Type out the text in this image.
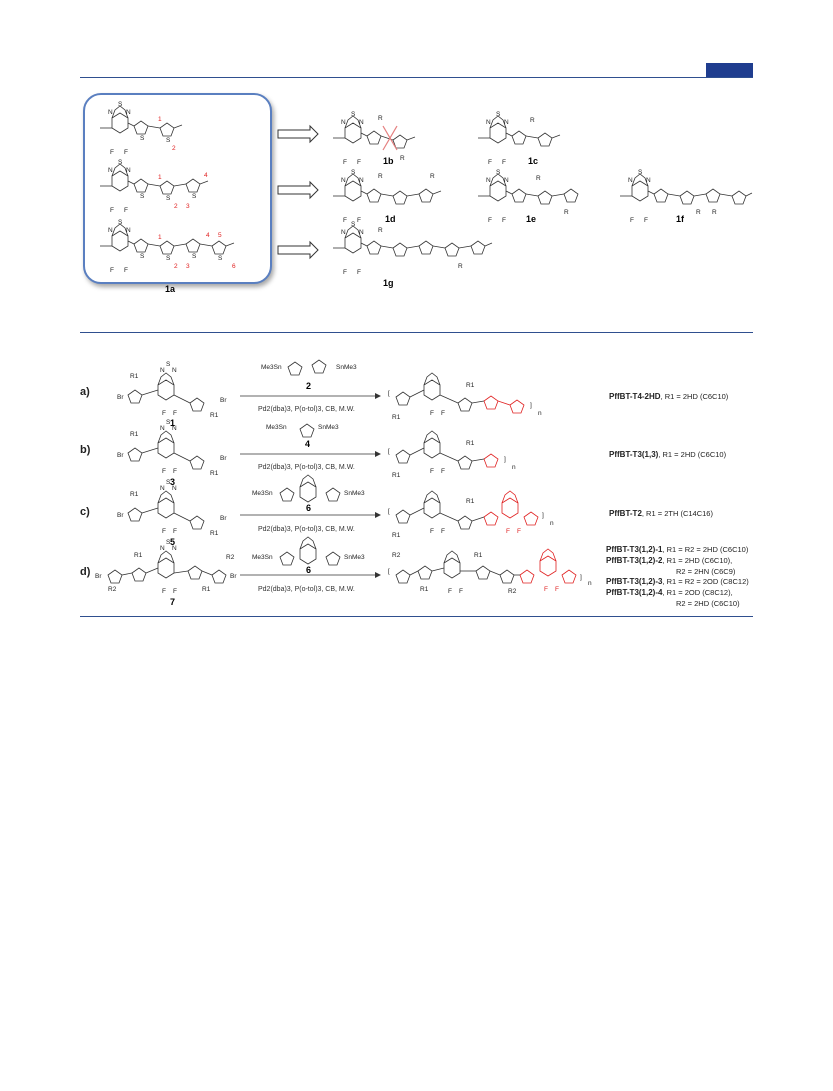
S
N N
F F
S	S
S
N N
F F
S	S	S
S
N N
F F
S	S	S	S
1
2
1	4
2 3
1	4 5
2 3	6
S
N N
F F
R
R
1b
S
N N
F F
R
1c
S
N N
F F
R	R
1d
S
N N
F F
R
R
1e
S
N N
F F
R R
1f
S
N N
F F
R
R
1g
1a
a)
b)
c)
d)
Br
R1
Br
R1
F F
N
S
N
1
Me3Sn	SnMe3
2
Pd2(dba)3, P(o-tol)3, CB, M.W.
[
]
n
R1
R1
F F
Br
R1
Br
R1
F F
N
S
N
3
Me3Sn	SnMe3
4
Pd2(dba)3, P(o-tol)3, CB, M.W.
[
]
n
R1
R1
F F
Br
R1
Br
R1
F F
N
S
N
5
Me3Sn	SnMe3
6
Pd2(dba)3, P(o-tol)3, CB, M.W.
[
]
n
R1
R1
F F	F F
Br
R2
R1	R2
Br
R1
F F
N
S
N
7
Me3Sn	SnMe3
6
Pd2(dba)3, P(o-tol)3, CB, M.W.
[
]
n
R2
R1
R1
R2
F F	F F
PffBT-T4-2HD, R1 = 2HD (C6C10)
PffBT-T3(1,3), R1 = 2HD (C6C10)
PffBT-T2, R1 = 2TH (C14C16)
PffBT-T3(1,2)-1, R1 = R2 = 2HD (C6C10)
PffBT-T3(1,2)-2, R1 = 2HD (C6C10),
R2 = 2HN (C6C9)
PffBT-T3(1,2)-3, R1 = R2 = 2OD (C8C12)
PffBT-T3(1,2)-4, R1 = 2OD (C8C12),
R2 = 2HD (C6C10)
